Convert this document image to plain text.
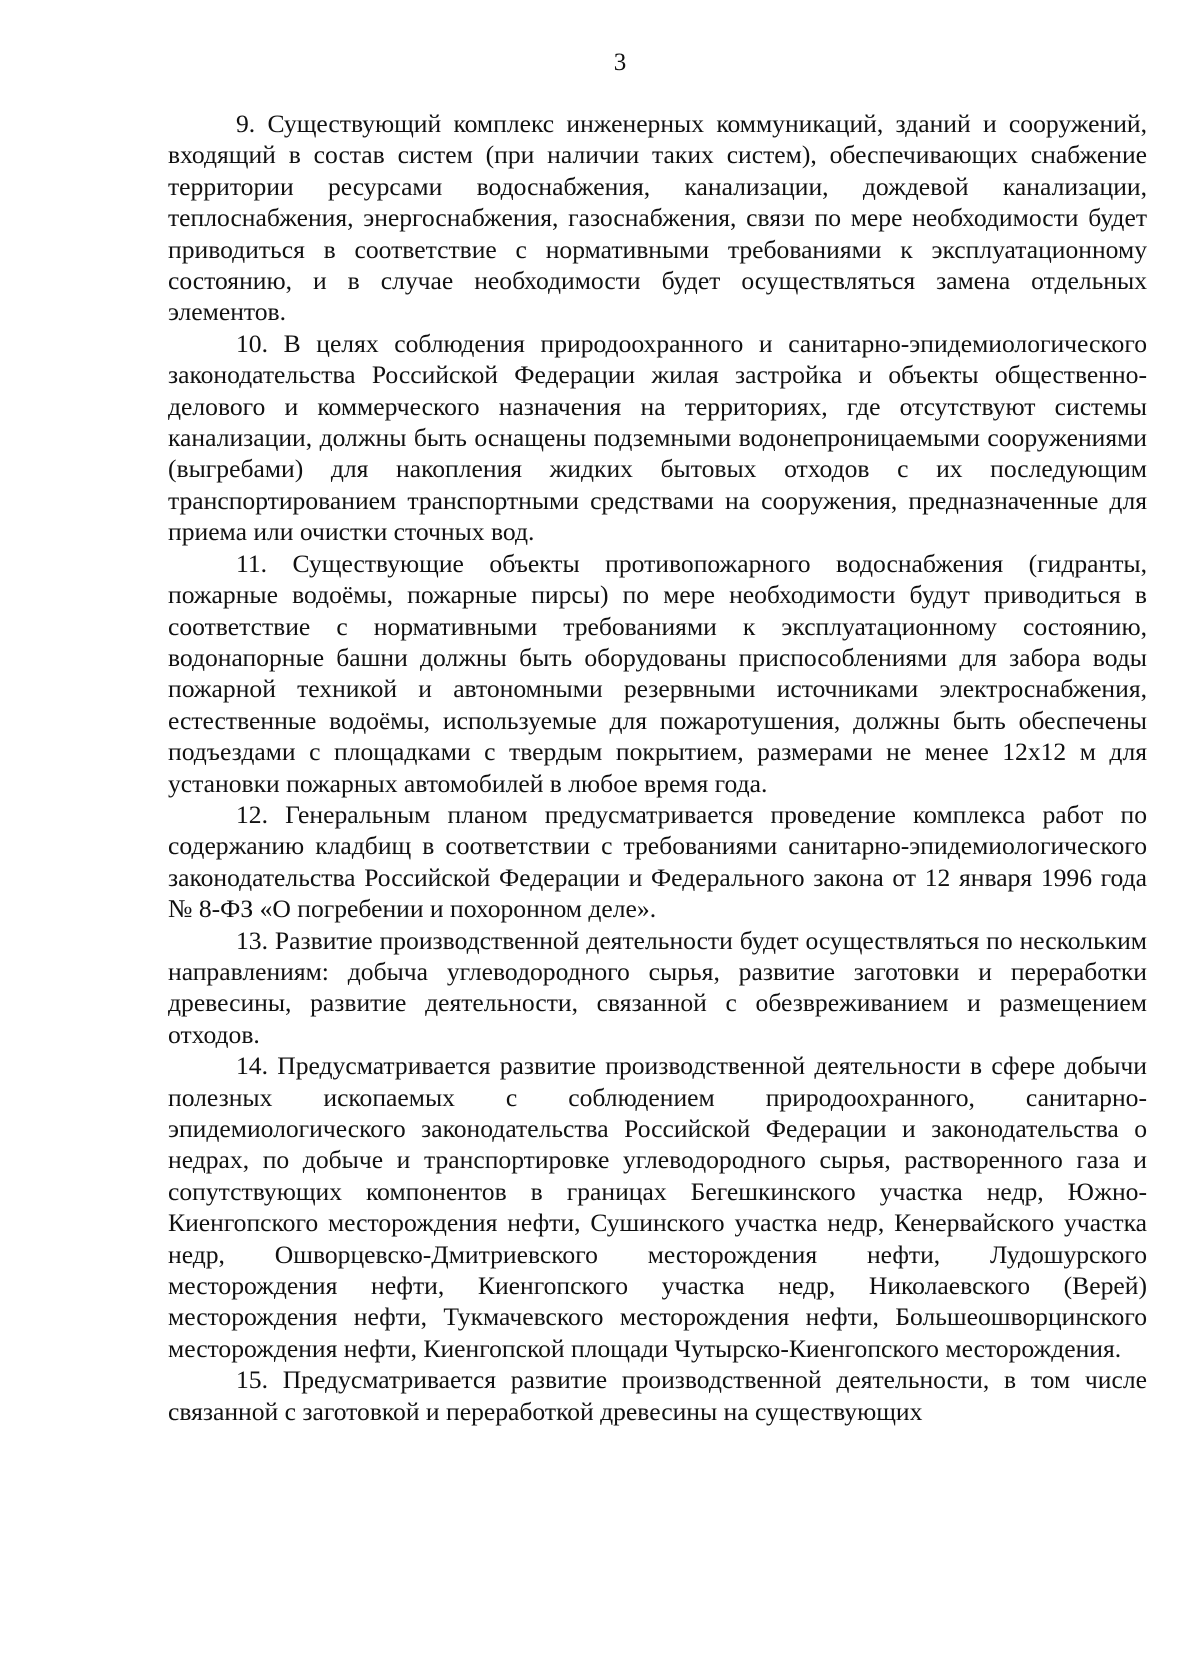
3

9. Существующий комплекс инженерных коммуникаций, зданий и сооружений, входящий в состав систем (при наличии таких систем), обеспечивающих снабжение территории ресурсами водоснабжения, канализации, дождевой канализации, теплоснабжения, энергоснабжения, газоснабжения, связи по мере необходимости будет приводиться в соответствие с нормативными требованиями к эксплуатационному состоянию, и в случае необходимости будет осуществляться замена отдельных элементов.

10. В целях соблюдения природоохранного и санитарно-эпидемиологического законодательства Российской Федерации жилая застройка и объекты общественно-делового и коммерческого назначения на территориях, где отсутствуют системы канализации, должны быть оснащены подземными водонепроницаемыми сооружениями (выгребами) для накопления жидких бытовых отходов с их последующим транспортированием транспортными средствами на сооружения, предназначенные для приема или очистки сточных вод.

11. Существующие объекты противопожарного водоснабжения (гидранты, пожарные водоёмы, пожарные пирсы) по мере необходимости будут приводиться в соответствие с нормативными требованиями к эксплуатационному состоянию, водонапорные башни должны быть оборудованы приспособлениями для забора воды пожарной техникой и автономными резервными источниками электроснабжения, естественные водоёмы, используемые для пожаротушения, должны быть обеспечены подъездами с площадками с твердым покрытием, размерами не менее 12x12 м для установки пожарных автомобилей в любое время года.

12. Генеральным планом предусматривается проведение комплекса работ по содержанию кладбищ в соответствии с требованиями санитарно-эпидемиологического законодательства Российской Федерации и Федерального закона от 12 января 1996 года № 8-ФЗ «О погребении и похоронном деле».

13. Развитие производственной деятельности будет осуществляться по нескольким направлениям: добыча углеводородного сырья, развитие заготовки и переработки древесины, развитие деятельности, связанной с обезвреживанием и размещением отходов.

14. Предусматривается развитие производственной деятельности в сфере добычи полезных ископаемых с соблюдением природоохранного, санитарно-эпидемиологического законодательства Российской Федерации и законодательства о недрах, по добыче и транспортировке углеводородного сырья, растворенного газа и сопутствующих компонентов в границах Бегешкинского участка недр, Южно-Киенгопского месторождения нефти, Сушинского участка недр, Кенервайского участка недр, Ошворцевско-Дмитриевского месторождения нефти, Лудошурского месторождения нефти, Киенгопского участка недр, Николаевского (Верей) месторождения нефти, Тукмачевского месторождения нефти, Большеошворцинского месторождения нефти, Киенгопской площади Чутырско-Киенгопского месторождения.

15. Предусматривается развитие производственной деятельности, в том числе связанной с заготовкой и переработкой древесины на существующих
